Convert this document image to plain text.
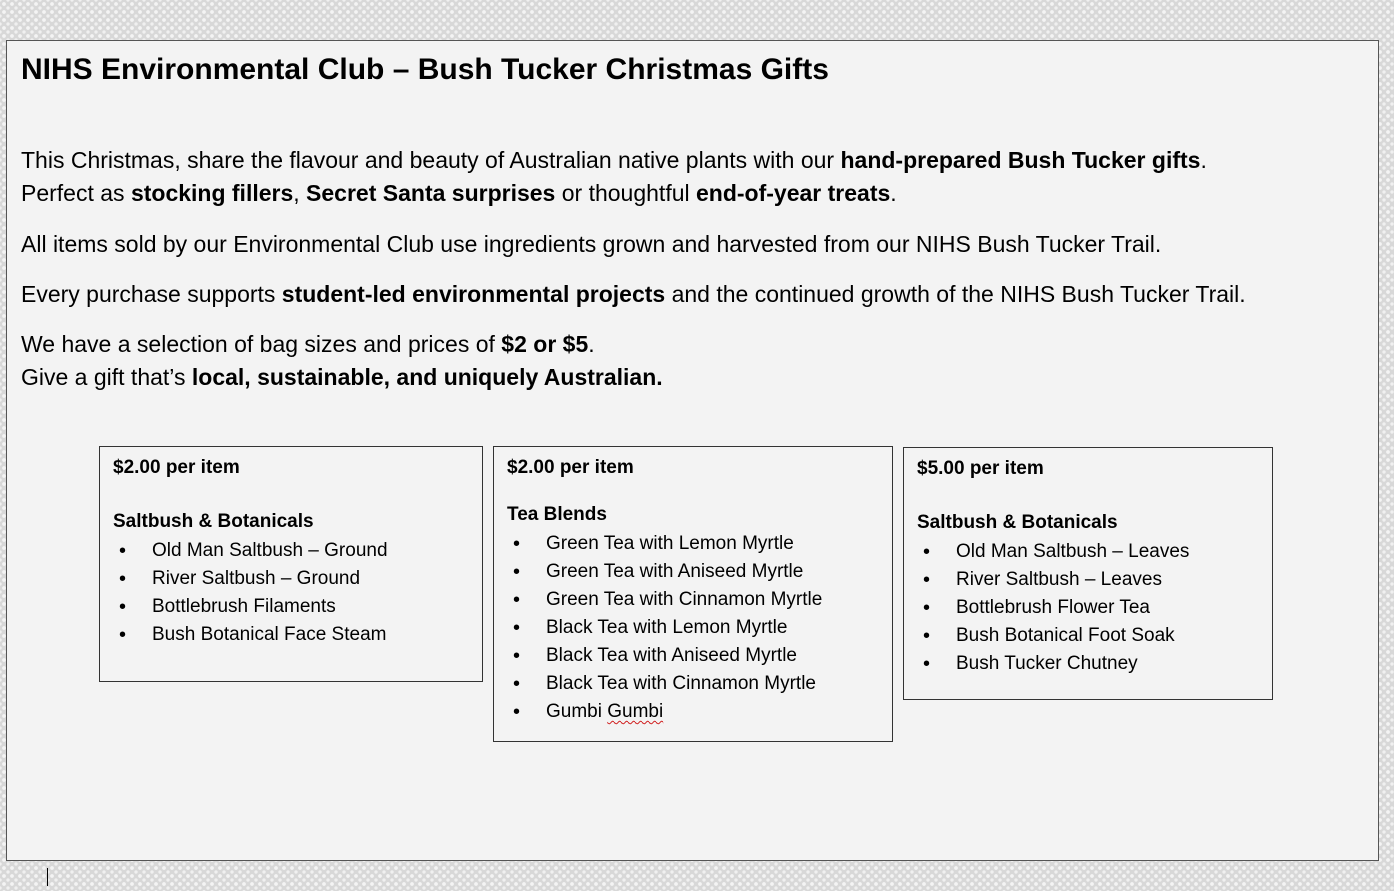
NIHS Environmental Club – Bush Tucker Christmas Gifts

This Christmas, share the flavour and beauty of Australian native plants with our hand-prepared Bush Tucker gifts.
Perfect as stocking fillers, Secret Santa surprises or thoughtful end-of-year treats.

All items sold by our Environmental Club use ingredients grown and harvested from our NIHS Bush Tucker Trail.

Every purchase supports student-led environmental projects and the continued growth of the NIHS Bush Tucker Trail.

We have a selection of bag sizes and prices of $2 or $5.
Give a gift that’s local, sustainable, and uniquely Australian.

$2.00 per item
Saltbush & Botanicals
• Old Man Saltbush – Ground
• River Saltbush – Ground
• Bottlebrush Filaments
• Bush Botanical Face Steam
$2.00 per item
Tea Blends
• Green Tea with Lemon Myrtle
• Green Tea with Aniseed Myrtle
• Green Tea with Cinnamon Myrtle
• Black Tea with Lemon Myrtle
• Black Tea with Aniseed Myrtle
• Black Tea with Cinnamon Myrtle
• Gumbi Gumbi
$5.00 per item
Saltbush & Botanicals
• Old Man Saltbush – Leaves
• River Saltbush – Leaves
• Bottlebrush Flower Tea
• Bush Botanical Foot Soak
• Bush Tucker Chutney
